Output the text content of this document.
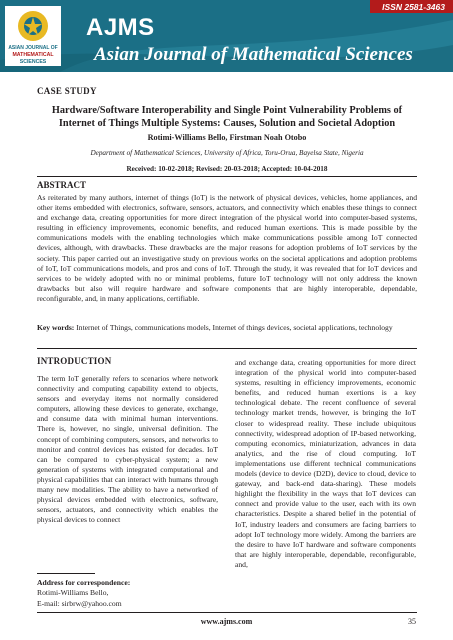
ASIAN JOURNAL OF
MATHEMATICAL
SCIENCES
ISSN 2581-3463
AJMS
Asian Journal of Mathematical Sciences
CASE STUDY
Hardware/Software Interoperability and Single Point Vulnerability Problems of Internet of Things Multiple Systems: Causes, Solution and Societal Adoption
Rotimi-Williams Bello, Firstman Noah Otobo
Department of Mathematical Sciences, University of Africa, Toru-Orua, Bayelsa State, Nigeria
Received: 10-02-2018; Revised: 20-03-2018; Accepted: 10-04-2018
ABSTRACT
As reiterated by many authors, internet of things (IoT) is the network of physical devices, vehicles, home appliances, and other items embedded with electronics, software, sensors, actuators, and connectivity which enables these things to connect and exchange data, creating opportunities for more direct integration of the physical world into computer-based systems, resulting in efficiency improvements, economic benefits, and reduced human exertions. This is made possible by the communications models with the enabling technologies which make communications possible among IoT connected devices, although, with drawbacks. These drawbacks are the major reasons for adoption problems of IoT services by the society. This paper carried out an investigative study on previous works on the societal applications and adoption problems of IoT, IoT communications models, and pros and cons of IoT. Through the study, it was revealed that for IoT devices and services to be widely adopted with no or minimal problems, future IoT technology will not only address the known drawbacks but also will require hardware and software components that are highly interoperable, dependable, reconfigurable, and, in many applications, certifiable.
Key words: Internet of Things, communications models, Internet of things devices, societal applications, technology
INTRODUCTION
The term IoT generally refers to scenarios where network connectivity and computing capability extend to objects, sensors and everyday items not normally considered computers, allowing these devices to generate, exchange, and consume data with minimal human interventions. There is, however, no single, universal definition. The concept of combining computers, sensors, and networks to monitor and control devices has existed for decades. IoT can be compared to cyber-physical system; a new generation of systems with integrated computational and physical capabilities that can interact with humans through many new modalities. The ability to have a networked of physical devices embedded with electronics, software, sensors, actuators, and connectivity which enables the physical devices to connect
and exchange data, creating opportunities for more direct integration of the physical world into computer-based systems, resulting in efficiency improvements, economic benefits, and reduced human exertions is a key technological debate. The recent confluence of several technology market trends, however, is bringing the IoT closer to widespread reality. These include ubiquitous connectivity, widespread adoption of IP-based networking, computing economics, miniaturization, advances in data analytics, and the rise of cloud computing. IoT implementations use different technical communications models (device to device (D2D), device to cloud, device to gateway, and back-end data-sharing). These models highlight the flexibility in the ways that IoT devices can connect and provide value to the user, each with its own characteristics. Despite a shared belief in the potential of IoT, industry leaders and consumers are facing barriers to adopt IoT technology more widely. Among the barriers are the desire to have IoT hardware and software components that are highly interoperable, dependable, reconfigurable, and,
Address for correspondence:
Rotimi-Williams Bello,
E-mail: sirbrw@yahoo.com
www.ajms.com	35
